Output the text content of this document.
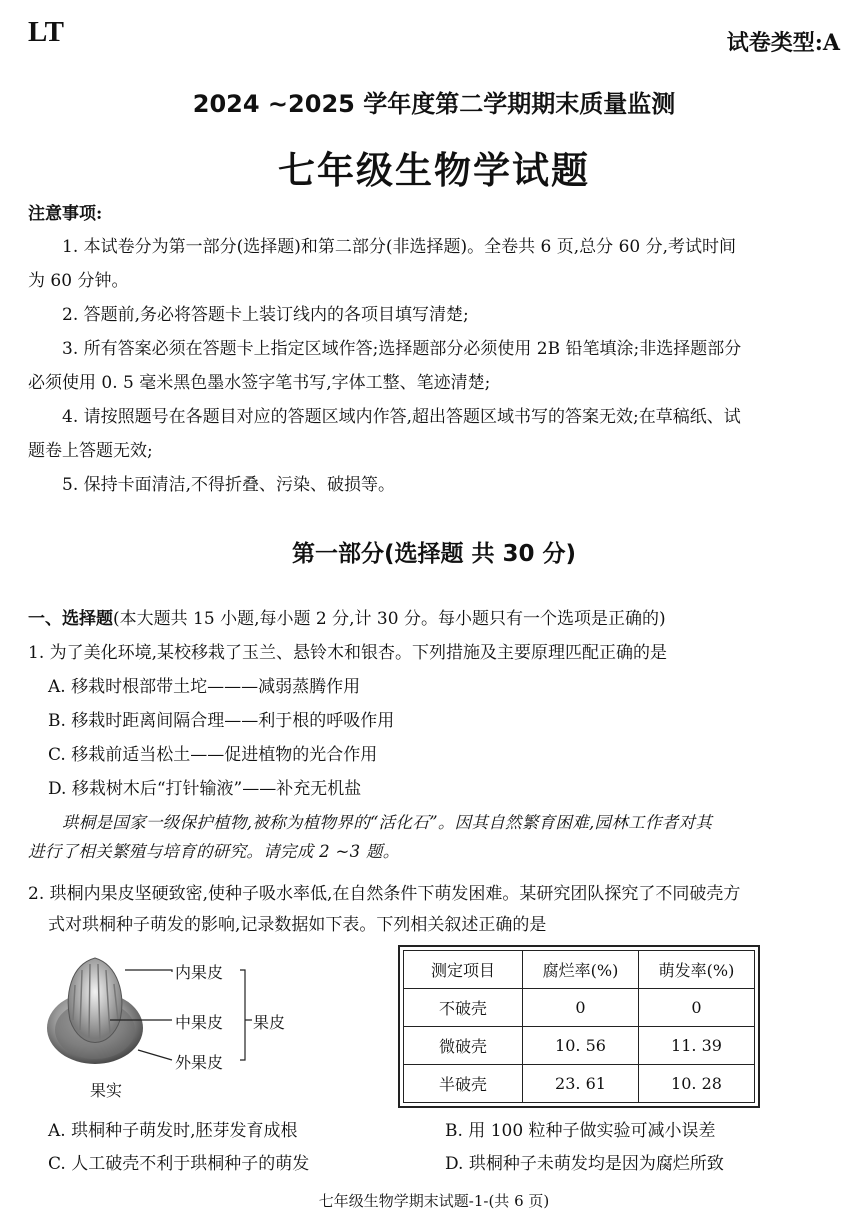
LT	试卷类型:A
2024 ~2025 学年度第二学期期末质量监测
七年级生物学试题
注意事项:
1. 本试卷分为第一部分(选择题)和第二部分(非选择题)。全卷共 6 页,总分 60 分,考试时间
为 60 分钟。
2. 答题前,务必将答题卡上装订线内的各项目填写清楚;
3. 所有答案必须在答题卡上指定区域作答;选择题部分必须使用 2B 铅笔填涂;非选择题部分
必须使用 0. 5 毫米黑色墨水签字笔书写,字体工整、笔迹清楚;
4. 请按照题号在各题目对应的答题区域内作答,超出答题区域书写的答案无效;在草稿纸、试
题卷上答题无效;
5. 保持卡面清洁,不得折叠、污染、破损等。
第一部分(选择题 共 30 分)
一、选择题(本大题共 15 小题,每小题 2 分,计 30 分。每小题只有一个选项是正确的)
1. 为了美化环境,某校移栽了玉兰、悬铃木和银杏。下列措施及主要原理匹配正确的是
A. 移栽时根部带土坨———减弱蒸腾作用
B. 移栽时距离间隔合理——利于根的呼吸作用
C. 移栽前适当松土——促进植物的光合作用
D. 移栽树木后“打针输液”——补充无机盐
珙桐是国家一级保护植物,被称为植物界的“活化石”。因其自然繁育困难,园林工作者对其
进行了相关繁殖与培育的研究。请完成 2 ~3 题。
2. 珙桐内果皮坚硬致密,使种子吸水率低,在自然条件下萌发困难。某研究团队探究了不同破壳方
式对珙桐种子萌发的影响,记录数据如下表。下列相关叙述正确的是
内果皮
中果皮
外果皮
果皮
果实
测定项目	腐烂率(%)	萌发率(%)
不破壳	0	0
微破壳	10. 56	11. 39
半破壳	23. 61	10. 28
A. 珙桐种子萌发时,胚芽发育成根	B. 用 100 粒种子做实验可减小误差
C. 人工破壳不利于珙桐种子的萌发	D. 珙桐种子未萌发均是因为腐烂所致
七年级生物学期末试题-1-(共 6 页)
